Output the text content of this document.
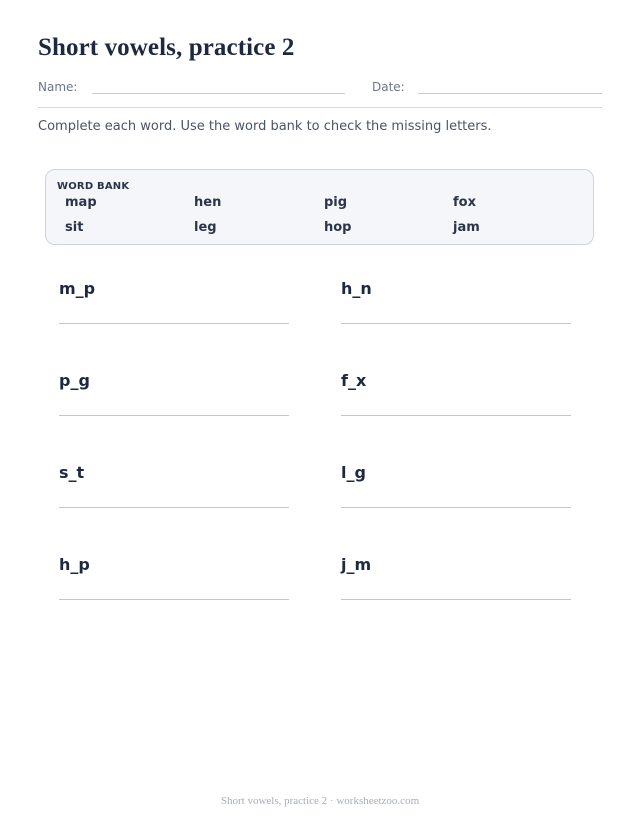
Short vowels, practice 2
Name:	Date:
Complete each word. Use the word bank to check the missing letters.
WORD BANK
map	hen	pig	fox
sit	leg	hop	jam
m_p	h_n
p_g	f_x
s_t	l_g
h_p	j_m
Short vowels, practice 2 · worksheetzoo.com
